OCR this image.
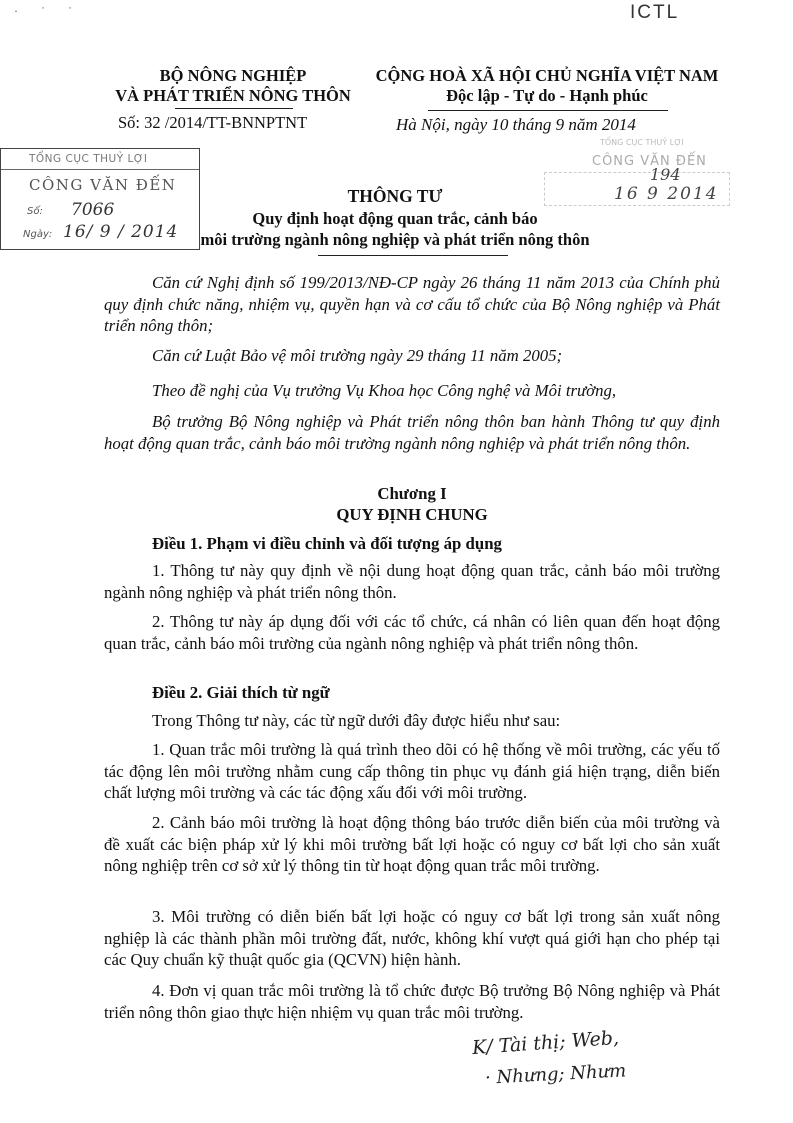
· ˙ ˙	ICTL
BỘ NÔNG NGHIỆP
VÀ PHÁT TRIỂN NÔNG THÔN
Số: 32 /2014/TT-BNNPTNT
CỘNG HOÀ XÃ HỘI CHỦ NGHĨA VIỆT NAM
Độc lập - Tự do - Hạnh phúc
Hà Nội, ngày 10 tháng 9 năm 2014
TỔNG CỤC THUỶ LỢI
CÔNG VĂN ĐẾN
Số: 7066
Ngày: 16/ 9 / 2014
TỔNG CỤC THUỶ LỢI
CÔNG VĂN ĐẾN
194
16 9 2014
THÔNG TƯ
Quy định hoạt động quan trắc, cảnh báo
môi trường ngành nông nghiệp và phát triển nông thôn
Căn cứ Nghị định số 199/2013/NĐ-CP ngày 26 tháng 11 năm 2013 của Chính phủ quy định chức năng, nhiệm vụ, quyền hạn và cơ cấu tổ chức của Bộ Nông nghiệp và Phát triển nông thôn;
Căn cứ Luật Bảo vệ môi trường ngày 29 tháng 11 năm 2005;
Theo đề nghị của Vụ trưởng Vụ Khoa học Công nghệ và Môi trường,
Bộ trưởng Bộ Nông nghiệp và Phát triển nông thôn ban hành Thông tư quy định hoạt động quan trắc, cảnh báo môi trường ngành nông nghiệp và phát triển nông thôn.
Chương I
QUY ĐỊNH CHUNG
Điều 1. Phạm vi điều chỉnh và đối tượng áp dụng
1. Thông tư này quy định về nội dung hoạt động quan trắc, cảnh báo môi trường ngành nông nghiệp và phát triển nông thôn.
2. Thông tư này áp dụng đối với các tổ chức, cá nhân có liên quan đến hoạt động quan trắc, cảnh báo môi trường của ngành nông nghiệp và phát triển nông thôn.
Điều 2. Giải thích từ ngữ
Trong Thông tư này, các từ ngữ dưới đây được hiểu như sau:
1. Quan trắc môi trường là quá trình theo dõi có hệ thống về môi trường, các yếu tố tác động lên môi trường nhằm cung cấp thông tin phục vụ đánh giá hiện trạng, diễn biến chất lượng môi trường và các tác động xấu đối với môi trường.
2. Cảnh báo môi trường là hoạt động thông báo trước diễn biến của môi trường và đề xuất các biện pháp xử lý khi môi trường bất lợi hoặc có nguy cơ bất lợi cho sản xuất nông nghiệp trên cơ sở xử lý thông tin từ hoạt động quan trắc môi trường.
3. Môi trường có diễn biến bất lợi hoặc có nguy cơ bất lợi trong sản xuất nông nghiệp là các thành phần môi trường đất, nước, không khí vượt quá giới hạn cho phép tại các Quy chuẩn kỹ thuật quốc gia (QCVN) hiện hành.
4. Đơn vị quan trắc môi trường là tổ chức được Bộ trưởng Bộ Nông nghiệp và Phát triển nông thôn giao thực hiện nhiệm vụ quan trắc môi trường.
K/ Tài thị; Web,
· Nhưng; Nhưm
